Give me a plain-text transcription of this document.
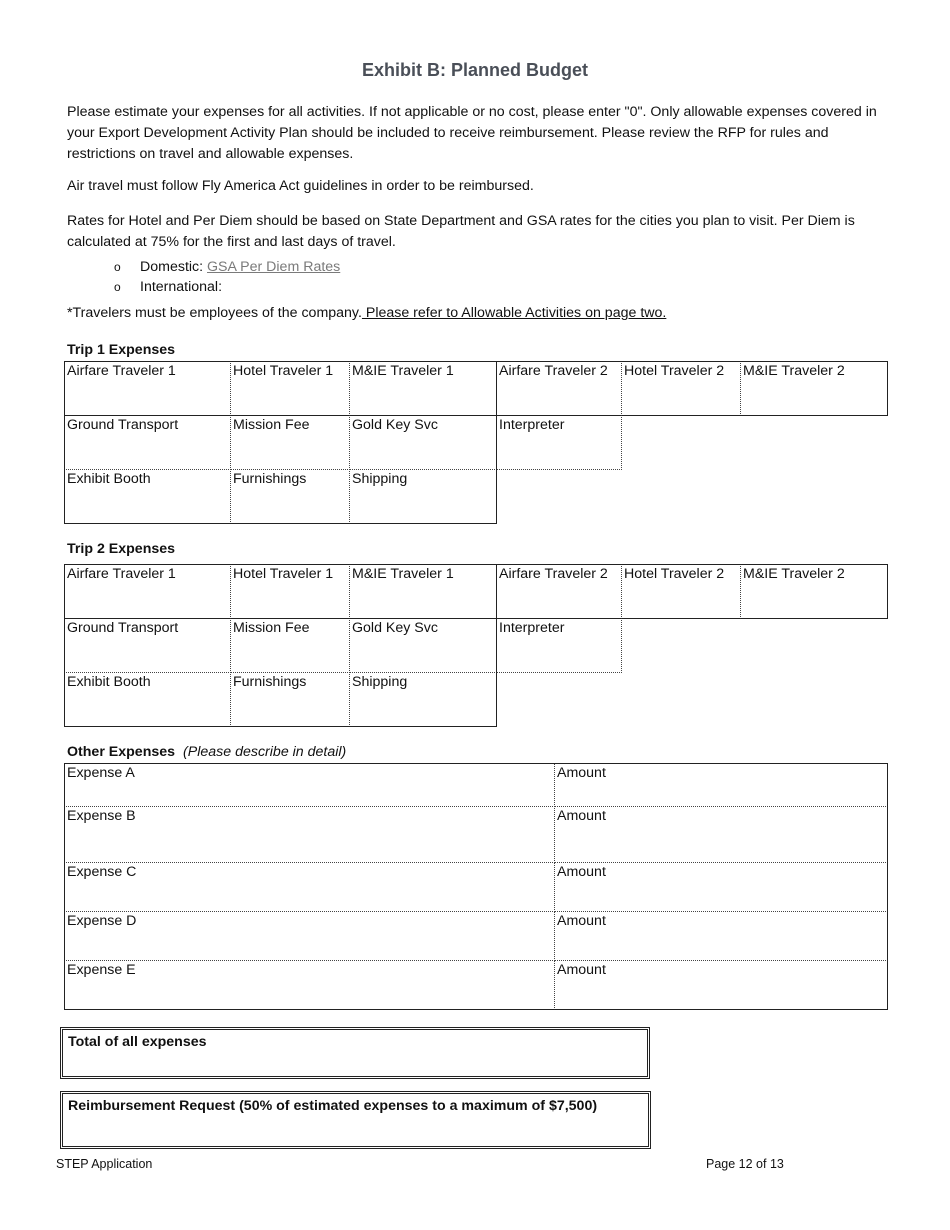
Exhibit B: Planned Budget

Please estimate your expenses for all activities. If not applicable or no cost, please enter "0". Only allowable expenses covered in your Export Development Activity Plan should be included to receive reimbursement. Please review the RFP for rules and restrictions on travel and allowable expenses.

Air travel must follow Fly America Act guidelines in order to be reimbursed.

Rates for Hotel and Per Diem should be based on State Department and GSA rates for the cities you plan to visit. Per Diem is calculated at 75% for the first and last days of travel.

o Domestic: GSA Per Diem Rates
o International:
*Travelers must be employees of the company. Please refer to Allowable Activities on page two.
Trip 1 Expenses
Airfare Traveler 1	Hotel Traveler 1	M&IE Traveler 1	Airfare Traveler 2	Hotel Traveler 2	M&IE Traveler 2
Ground Transport	Mission Fee	Gold Key Svc	Interpreter
Exhibit Booth	Furnishings	Shipping
Trip 2 Expenses
Airfare Traveler 1	Hotel Traveler 1	M&IE Traveler 1	Airfare Traveler 2	Hotel Traveler 2	M&IE Traveler 2
Ground Transport	Mission Fee	Gold Key Svc	Interpreter
Exhibit Booth	Furnishings	Shipping
Other Expenses (Please describe in detail)
Expense A	Amount
Expense B	Amount
Expense C	Amount
Expense D	Amount
Expense E	Amount
Total of all expenses
Reimbursement Request (50% of estimated expenses to a maximum of $7,500)
STEP Application	Page 12 of 13
